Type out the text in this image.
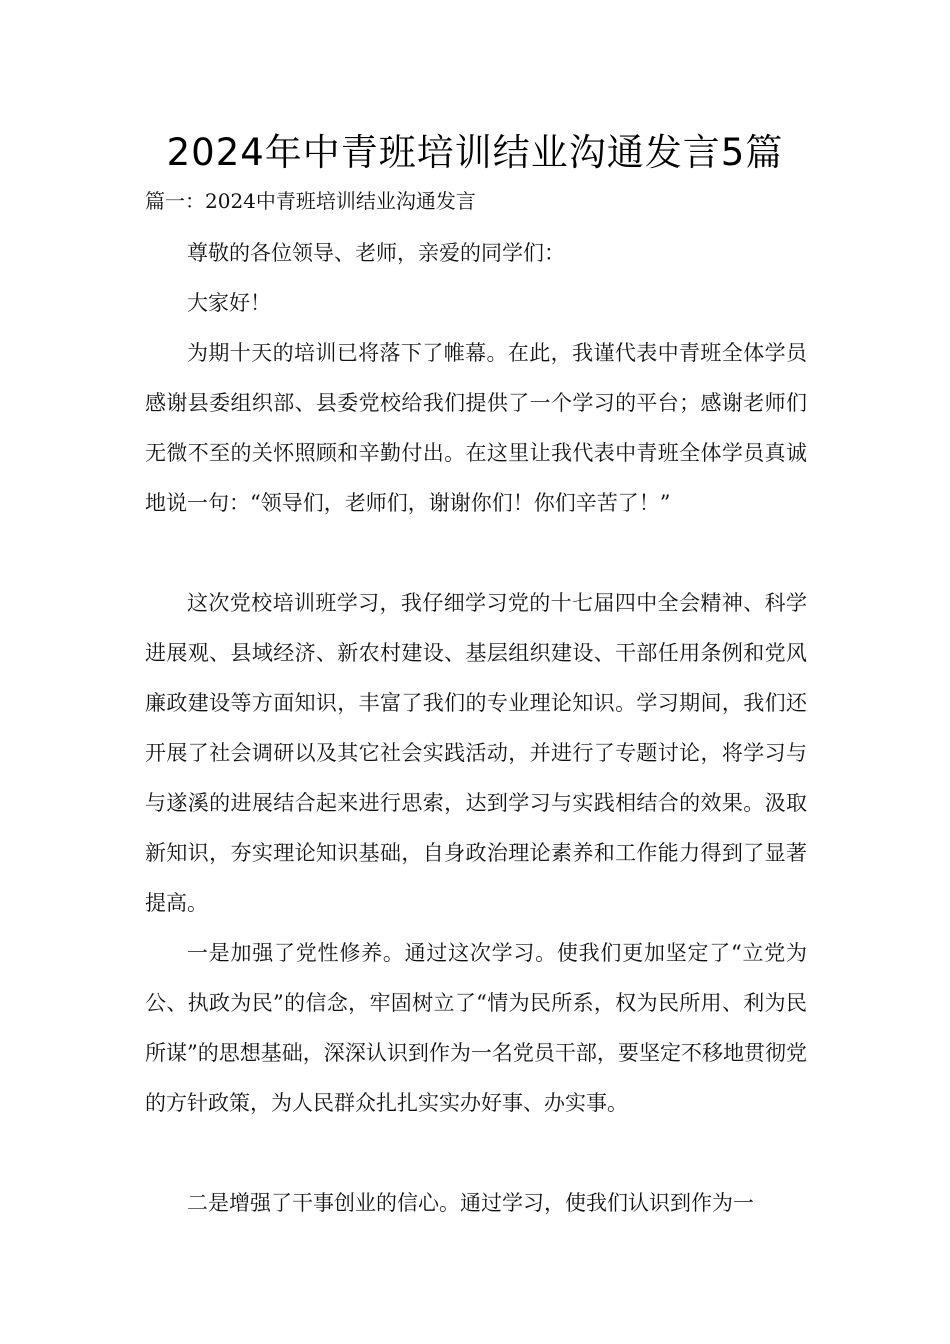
2024年中青班培训结业沟通发言5篇
篇一：2024中青班培训结业沟通发言

尊敬的各位领导、老师，亲爱的同学们：

大家好！

为期十天的培训已将落下了帷幕。在此，我谨代表中青班全体学员感谢县委组织部、县委党校给我们提供了一个学习的平台；感谢老师们无微不至的关怀照顾和辛勤付出。在这里让我代表中青班全体学员真诚地说一句：“领导们，老师们，谢谢你们！你们辛苦了！”

这次党校培训班学习，我仔细学习党的十七届四中全会精神、科学进展观、县域经济、新农村建设、基层组织建设、干部任用条例和党风廉政建设等方面知识，丰富了我们的专业理论知识。学习期间，我们还开展了社会调研以及其它社会实践活动，并进行了专题讨论，将学习与与遂溪的进展结合起来进行思索，达到学习与实践相结合的效果。汲取新知识，夯实理论知识基础，自身政治理论素养和工作能力得到了显著提高。

一是加强了党性修养。通过这次学习。使我们更加坚定了“立党为公、执政为民”的信念，牢固树立了“情为民所系，权为民所用、利为民所谋”的思想基础，深深认识到作为一名党员干部，要坚定不移地贯彻党的方针政策，为人民群众扎扎实实办好事、办实事。

二是增强了干事创业的信心。通过学习，使我们认识到作为一
